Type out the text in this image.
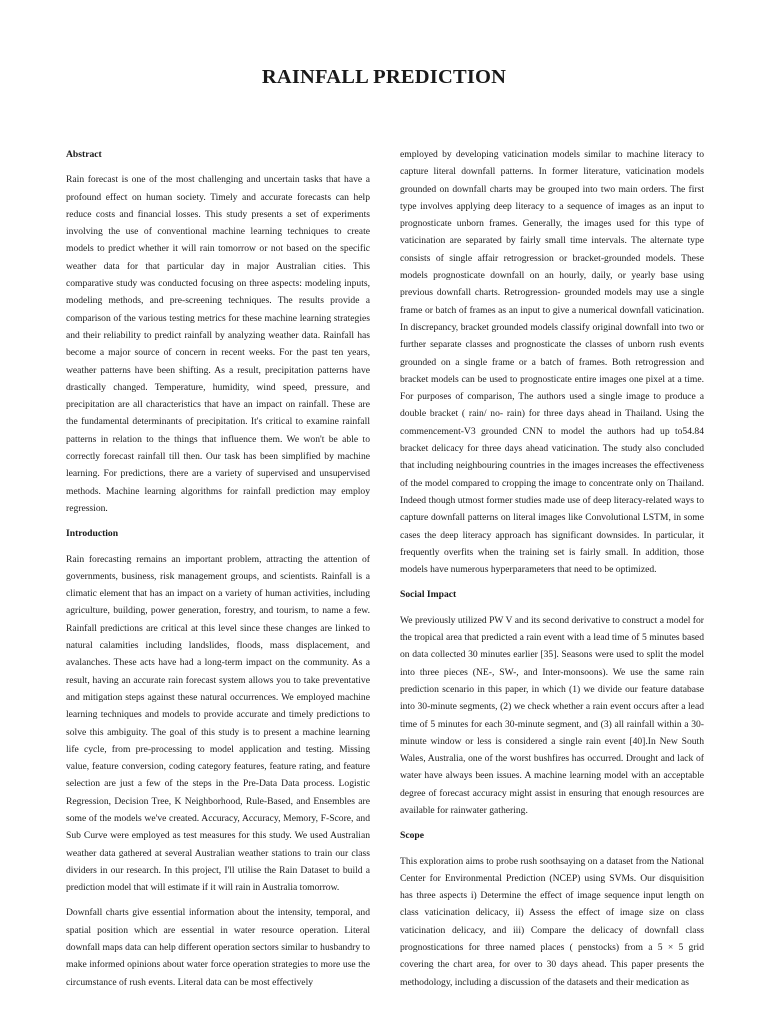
RAINFALL PREDICTION
Abstract

Rain forecast is one of the most challenging and uncertain tasks that have a profound effect on human society. Timely and accurate forecasts can help reduce costs and financial losses. This study presents a set of experiments involving the use of conventional machine learning techniques to create models to predict whether it will rain tomorrow or not based on the specific weather data for that particular day in major Australian cities. This comparative study was conducted focusing on three aspects: modeling inputs, modeling methods, and pre-screening techniques. The results provide a comparison of the various testing metrics for these machine learning strategies and their reliability to predict rainfall by analyzing weather data. Rainfall has become a major source of concern in recent weeks. For the past ten years, weather patterns have been shifting. As a result, precipitation patterns have drastically changed. Temperature, humidity, wind speed, pressure, and precipitation are all characteristics that have an impact on rainfall. These are the fundamental determinants of precipitation. It's critical to examine rainfall patterns in relation to the things that influence them. We won't be able to correctly forecast rainfall till then. Our task has been simplified by machine learning. For predictions, there are a variety of supervised and unsupervised methods. Machine learning algorithms for rainfall prediction may employ regression.

Introduction

Rain forecasting remains an important problem, attracting the attention of governments, business, risk management groups, and scientists. Rainfall is a climatic element that has an impact on a variety of human activities, including agriculture, building, power generation, forestry, and tourism, to name a few. Rainfall predictions are critical at this level since these changes are linked to natural calamities including landslides, floods, mass displacement, and avalanches. These acts have had a long-term impact on the community. As a result, having an accurate rain forecast system allows you to take preventative and mitigation steps against these natural occurrences. We employed machine learning techniques and models to provide accurate and timely predictions to solve this ambiguity. The goal of this study is to present a machine learning life cycle, from pre-processing to model application and testing. Missing value, feature conversion, coding category features, feature rating, and feature selection are just a few of the steps in the Pre-Data Data process. Logistic Regression, Decision Tree, K Neighborhood, Rule-Based, and Ensembles are some of the models we've created. Accuracy, Accuracy, Memory, F-Score, and Sub Curve were employed as test measures for this study. We used Australian weather data gathered at several Australian weather stations to train our class dividers in our research. In this project, I'll utilise the Rain Dataset to build a prediction model that will estimate if it will rain in Australia tomorrow.

Downfall charts give essential information about the intensity, temporal, and spatial position which are essential in water resource operation. Literal downfall maps data can help different operation sectors similar to husbandry to make informed opinions about water force operation strategies to more use the circumstance of rush events. Literal data can be most effectively

employed by developing vaticination models similar to machine literacy to capture literal downfall patterns. In former literature, vaticination models grounded on downfall charts may be grouped into two main orders. The first type involves applying deep literacy to a sequence of images as an input to prognosticate unborn frames. Generally, the images used for this type of vaticination are separated by fairly small time intervals. The alternate type consists of single affair retrogression or bracket-grounded models. These models prognosticate downfall on an hourly, daily, or yearly base using previous downfall charts. Retrogression- grounded models may use a single frame or batch of frames as an input to give a numerical downfall vaticination. In discrepancy, bracket grounded models classify original downfall into two or further separate classes and prognosticate the classes of unborn rush events grounded on a single frame or a batch of frames. Both retrogression and bracket models can be used to prognosticate entire images one pixel at a time. For purposes of comparison, The authors used a single image to produce a double bracket ( rain/ no- rain) for three days ahead in Thailand. Using the commencement-V3 grounded CNN to model the authors had up to54.84 bracket delicacy for three days ahead vaticination. The study also concluded that including neighbouring countries in the images increases the effectiveness of the model compared to cropping the image to concentrate only on Thailand. Indeed though utmost former studies made use of deep literacy-related ways to capture downfall patterns on literal images like Convolutional LSTM, in some cases the deep literacy approach has significant downsides. In particular, it frequently overfits when the training set is fairly small. In addition, those models have numerous hyperparameters that need to be optimized.

Social Impact

We previously utilized PW V and its second derivative to construct a model for the tropical area that predicted a rain event with a lead time of 5 minutes based on data collected 30 minutes earlier [35]. Seasons were used to split the model into three pieces (NE-, SW-, and Inter-monsoons). We use the same rain prediction scenario in this paper, in which (1) we divide our feature database into 30-minute segments, (2) we check whether a rain event occurs after a lead time of 5 minutes for each 30-minute segment, and (3) all rainfall within a 30-minute window or less is considered a single rain event [40].In New South Wales, Australia, one of the worst bushfires has occurred. Drought and lack of water have always been issues. A machine learning model with an acceptable degree of forecast accuracy might assist in ensuring that enough resources are available for rainwater gathering.

Scope

This exploration aims to probe rush soothsaying on a dataset from the National Center for Environmental Prediction (NCEP) using SVMs. Our disquisition has three aspects i) Determine the effect of image sequence input length on class vaticination delicacy, ii) Assess the effect of image size on class vaticination delicacy, and iii) Compare the delicacy of downfall class prognostications for three named places ( penstocks) from a 5 × 5 grid covering the chart area, for over to 30 days ahead. This paper presents the methodology, including a discussion of the datasets and their medication as
